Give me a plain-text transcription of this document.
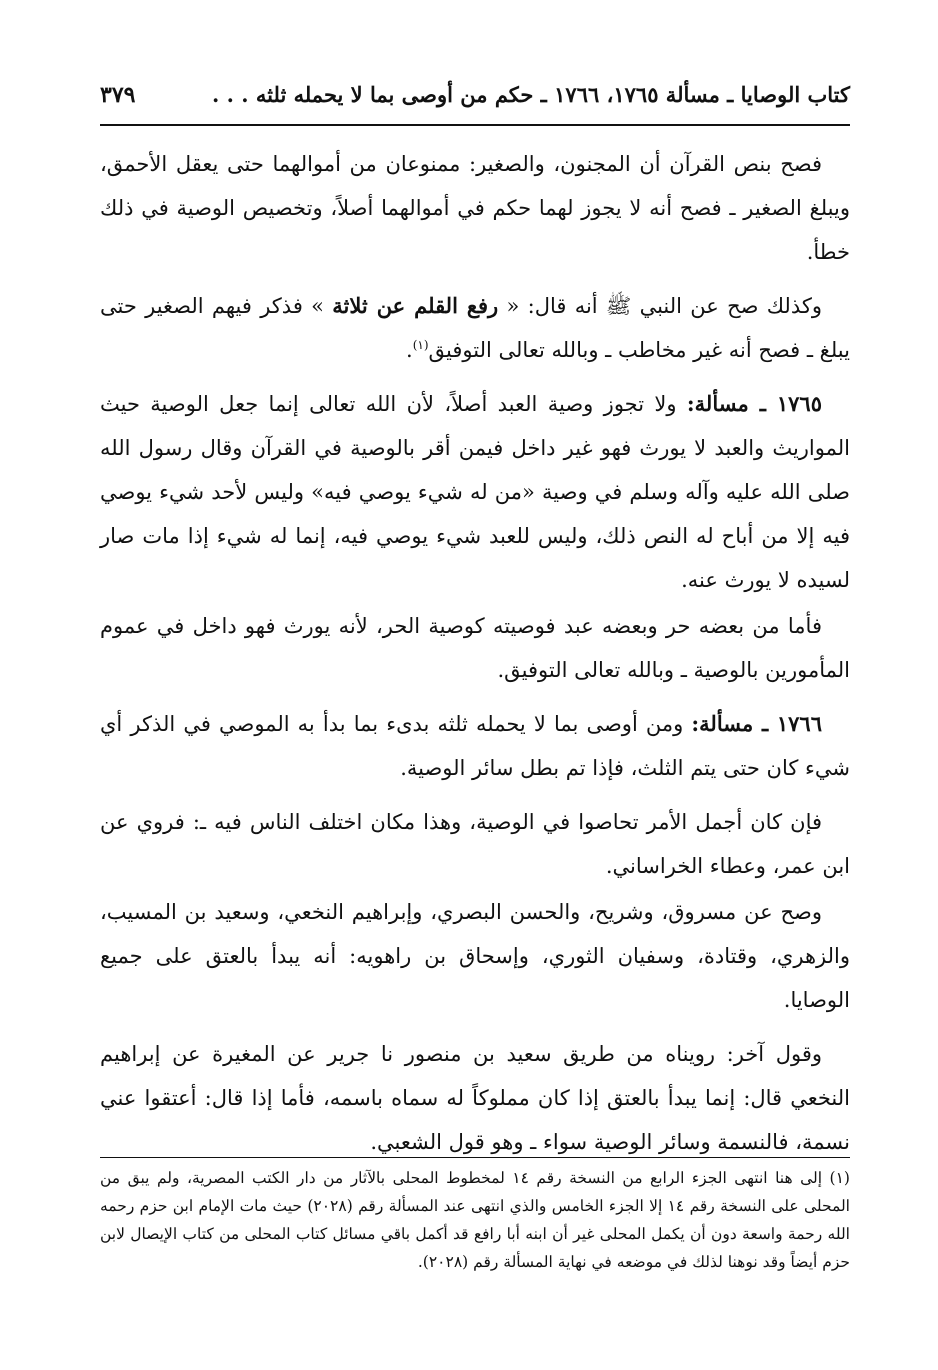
كتاب الوصايا ـ مسألة ١٧٦٥، ١٧٦٦ ـ حكم من أوصى بما لا يحمله ثلثه . . .
٣٧٩

فصح بنص القرآن أن المجنون، والصغير: ممنوعان من أموالهما حتى يعقل الأحمق، ويبلغ الصغير ـ فصح أنه لا يجوز لهما حكم في أموالهما أصلاً، وتخصيص الوصية في ذلك خطأ.

وكذلك صح عن النبي ﷺ أنه قال: « رفع القلم عن ثلاثة » فذكر فيهم الصغير حتى يبلغ ـ فصح أنه غير مخاطب ـ وبالله تعالى التوفيق$^{(١)}$.

١٧٦٥ ـ مسألة: ولا تجوز وصية العبد أصلاً، لأن الله تعالى إنما جعل الوصية حيث المواريث والعبد لا يورث فهو غير داخل فيمن أقر بالوصية في القرآن وقال رسول الله صلى الله عليه وآله وسلم في وصية «من له شيء يوصي فيه» وليس لأحد شيء يوصي فيه إلا من أباح له النص ذلك، وليس للعبد شيء يوصي فيه، إنما له شيء إذا مات صار لسيده لا يورث عنه.

فأما من بعضه حر وبعضه عبد فوصيته كوصية الحر، لأنه يورث فهو داخل في عموم المأمورين بالوصية ـ وبالله تعالى التوفيق.

١٧٦٦ ـ مسألة: ومن أوصى بما لا يحمله ثلثه بدىء بما بدأ به الموصي في الذكر أي شيء كان حتى يتم الثلث، فإذا تم بطل سائر الوصية.

فإن كان أجمل الأمر تحاصوا في الوصية، وهذا مكان اختلف الناس فيه ـ: فروي عن ابن عمر، وعطاء الخراساني.

وصح عن مسروق، وشريح، والحسن البصري، وإبراهيم النخعي، وسعيد بن المسيب، والزهري، وقتادة، وسفيان الثوري، وإسحاق بن راهويه: أنه يبدأ بالعتق على جميع الوصايا.

وقول آخر: رويناه من طريق سعيد بن منصور نا جرير عن المغيرة عن إبراهيم النخعي قال: إنما يبدأ بالعتق إذا كان مملوكاً له سماه باسمه، فأما إذا قال: أعتقوا عني نسمة، فالنسمة وسائر الوصية سواء ـ وهو قول الشعبي.

(١) إلى هنا انتهى الجزء الرابع من النسخة رقم ١٤ لمخطوط المحلى بالآثار من دار الكتب المصرية، ولم يبق من المحلى على النسخة رقم ١٤ إلا الجزء الخامس والذي انتهى عند المسألة رقم (٢٠٢٨) حيث مات الإمام ابن حزم رحمه الله رحمة واسعة دون أن يكمل المحلى غير أن ابنه أبا رافع قد أكمل باقي مسائل كتاب المحلى من كتاب الإيصال لابن حزم أيضاً وقد نوهنا لذلك في موضعه في نهاية المسألة رقم (٢٠٢٨).
